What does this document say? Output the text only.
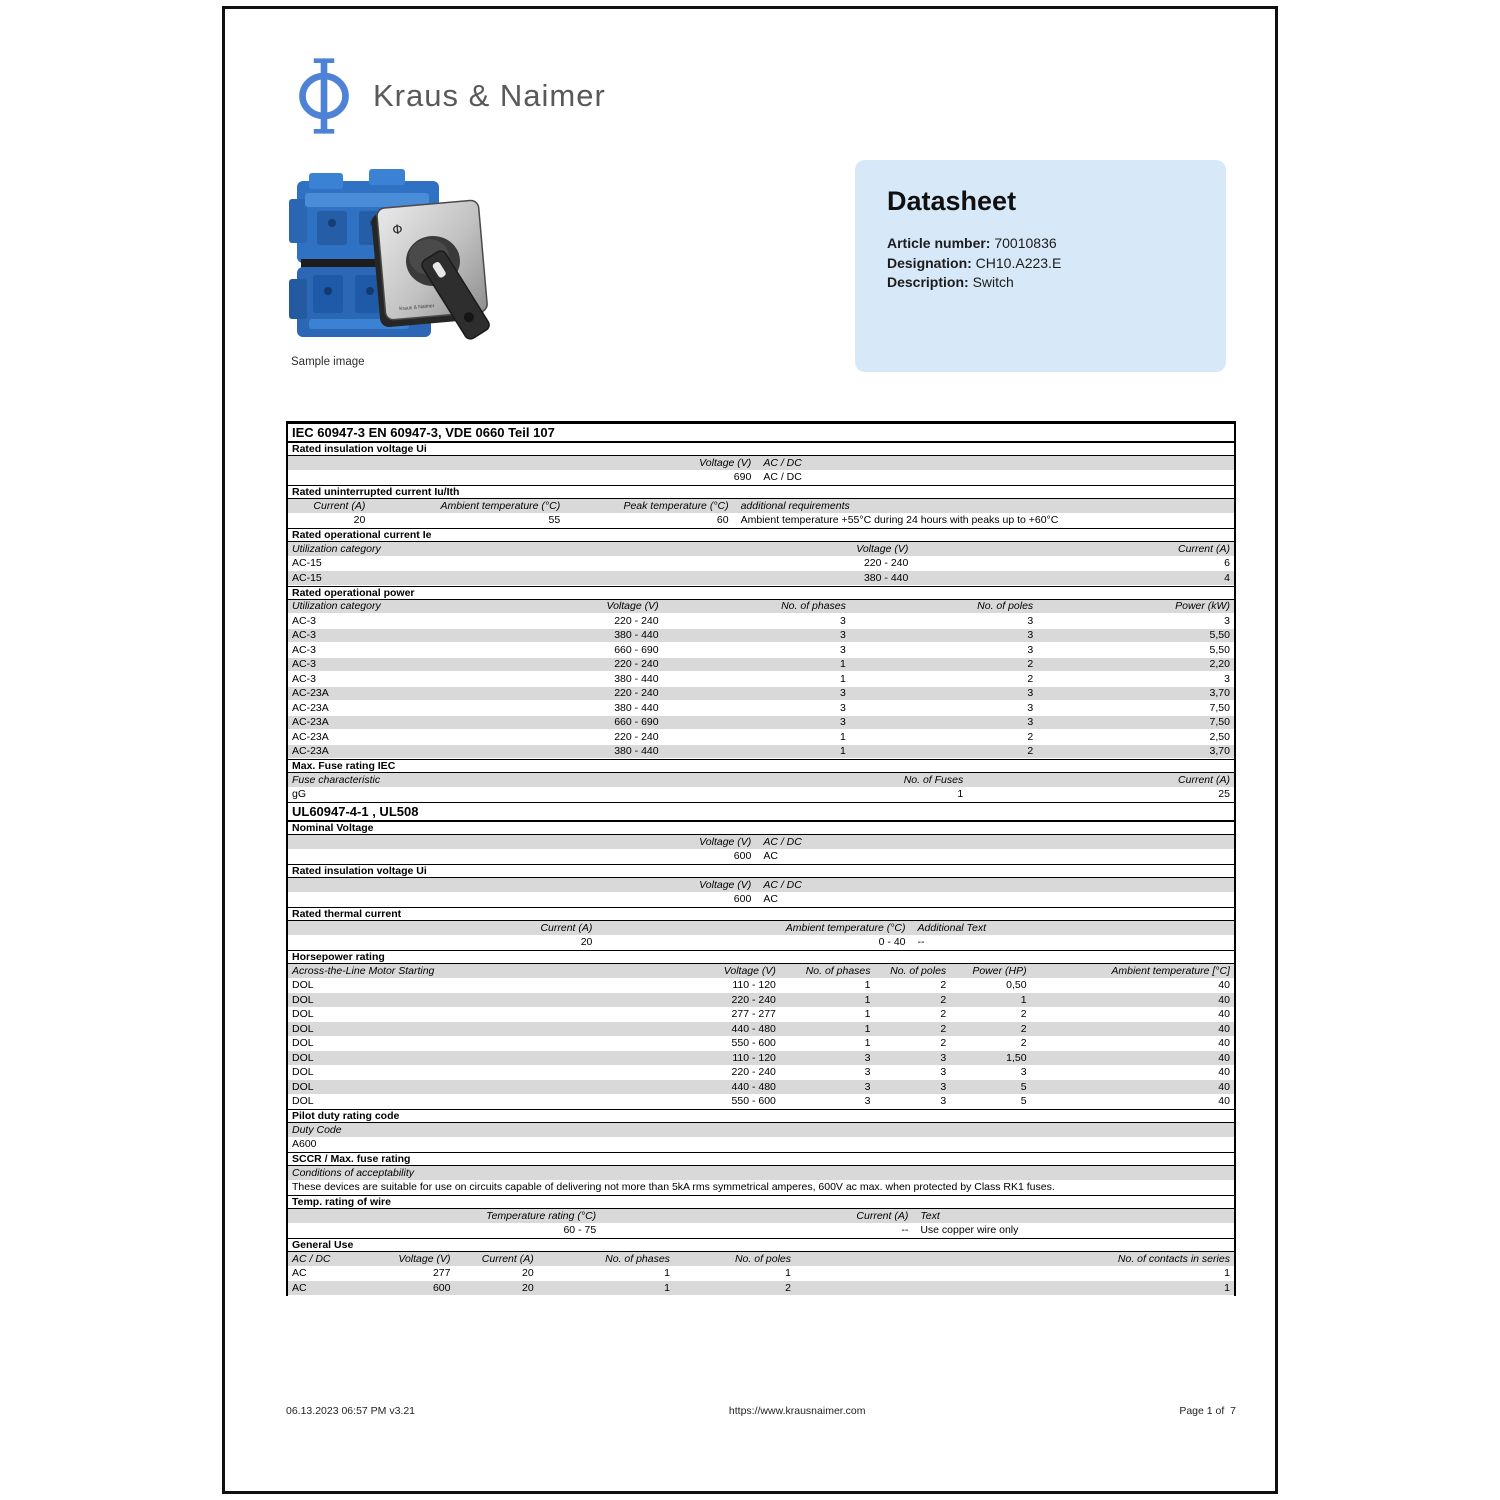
Kraus & Naimer
Φ
Kraus & Naimer
Sample image
Datasheet
Article number: 70010836
Designation: CH10.A223.E
Description: Switch
IEC 60947-3 EN 60947-3, VDE 0660 Teil 107
Rated insulation voltage Ui
Voltage (V)	AC / DC
690	AC / DC
Rated uninterrupted current Iu/Ith
Current (A)	Ambient temperature (°C)	Peak temperature (°C)	additional requirements
20	55	60	Ambient temperature +55°C during 24 hours with peaks up to +60°C
Rated operational current Ie
Utilization category	Voltage (V)	Current (A)
AC-15	220 - 240	6
AC-15	380 - 440	4
Rated operational power
Utilization category	Voltage (V)	No. of phases	No. of poles	Power (kW)
AC-3	220 - 240	3	3	3
AC-3	380 - 440	3	3	5,50
AC-3	660 - 690	3	3	5,50
AC-3	220 - 240	1	2	2,20
AC-3	380 - 440	1	2	3
AC-23A	220 - 240	3	3	3,70
AC-23A	380 - 440	3	3	7,50
AC-23A	660 - 690	3	3	7,50
AC-23A	220 - 240	1	2	2,50
AC-23A	380 - 440	1	2	3,70
Max. Fuse rating IEC
Fuse characteristic	No. of Fuses	Current (A)
gG	1	25
UL60947-4-1 , UL508
Nominal Voltage
Voltage (V)	AC / DC
600	AC
Rated insulation voltage Ui
Voltage (V)	AC / DC
600	AC
Rated thermal current
Current (A)	Ambient temperature (°C)	Additional Text
20	0 - 40	--
Horsepower rating
Across-the-Line Motor Starting	Voltage (V)	No. of phases	No. of poles	Power (HP)	Ambient temperature [°C]
DOL	110 - 120	1	2	0,50	40
DOL	220 - 240	1	2	1	40
DOL	277 - 277	1	2	2	40
DOL	440 - 480	1	2	2	40
DOL	550 - 600	1	2	2	40
DOL	110 - 120	3	3	1,50	40
DOL	220 - 240	3	3	3	40
DOL	440 - 480	3	3	5	40
DOL	550 - 600	3	3	5	40
Pilot duty rating code
Duty Code
A600
SCCR / Max. fuse rating
Conditions of acceptability
These devices are suitable for use on circuits capable of delivering not more than 5kA rms symmetrical amperes, 600V ac max. when protected by Class RK1 fuses.
Temp. rating of wire
Temperature rating (°C)	Current (A)	Text
60 - 75	--	Use copper wire only
General Use
AC / DC	Voltage (V)	Current (A)	No. of phases	No. of poles	No. of contacts in series
AC	277	20	1	1	1
AC	600	20	1	2	1
06.13.2023 06:57 PM v3.21	https://www.krausnaimer.com	Page 1 of  7
